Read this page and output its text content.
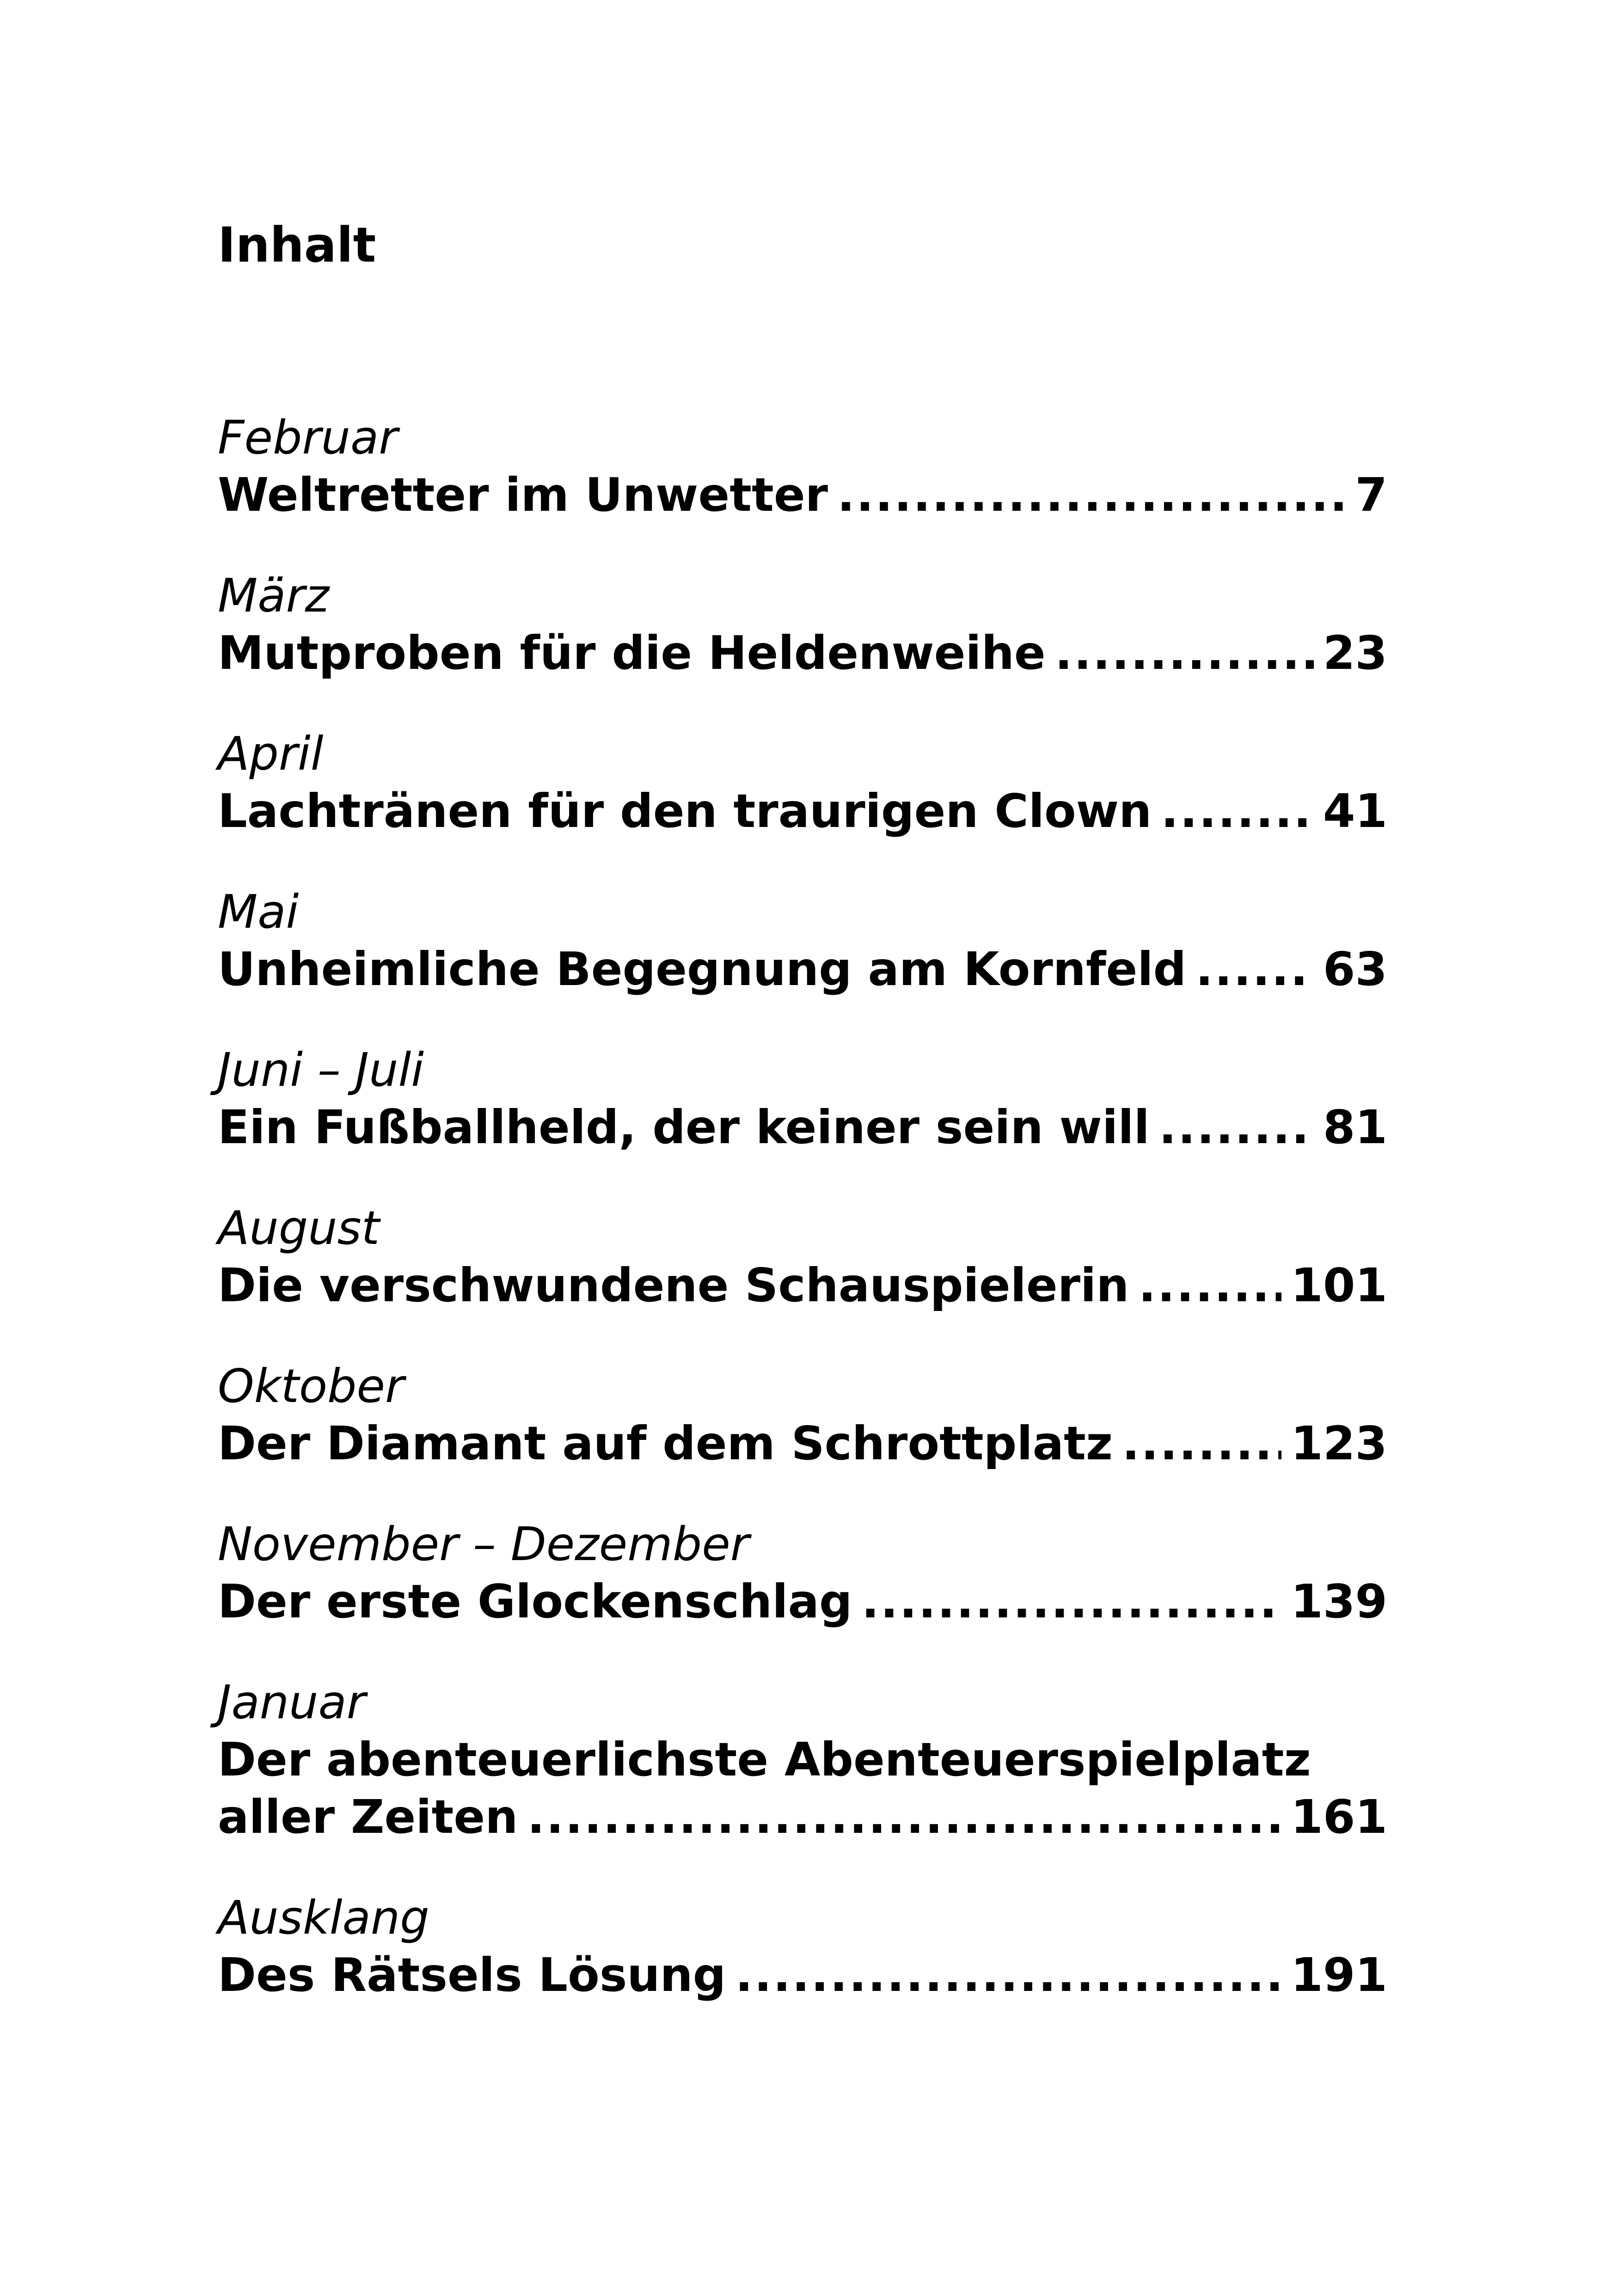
Inhalt
Februar
Weltretter im Unwetter .....	7
März
Mutproben für die Heldenweihe .....	23
April
Lachtränen für den traurigen Clown .....	41
Mai
Unheimliche Begegnung am Kornfeld .....	63
Juni – Juli
Ein Fußballheld, der keiner sein will .....	81
August
Die verschwundene Schauspielerin .....	101
Oktober
Der Diamant auf dem Schrottplatz .....	123
November – Dezember
Der erste Glockenschlag .....	139
Januar
Der abenteuerlichste Abenteuerspielplatz
aller Zeiten .....	161
Ausklang
Des Rätsels Lösung .....	191
